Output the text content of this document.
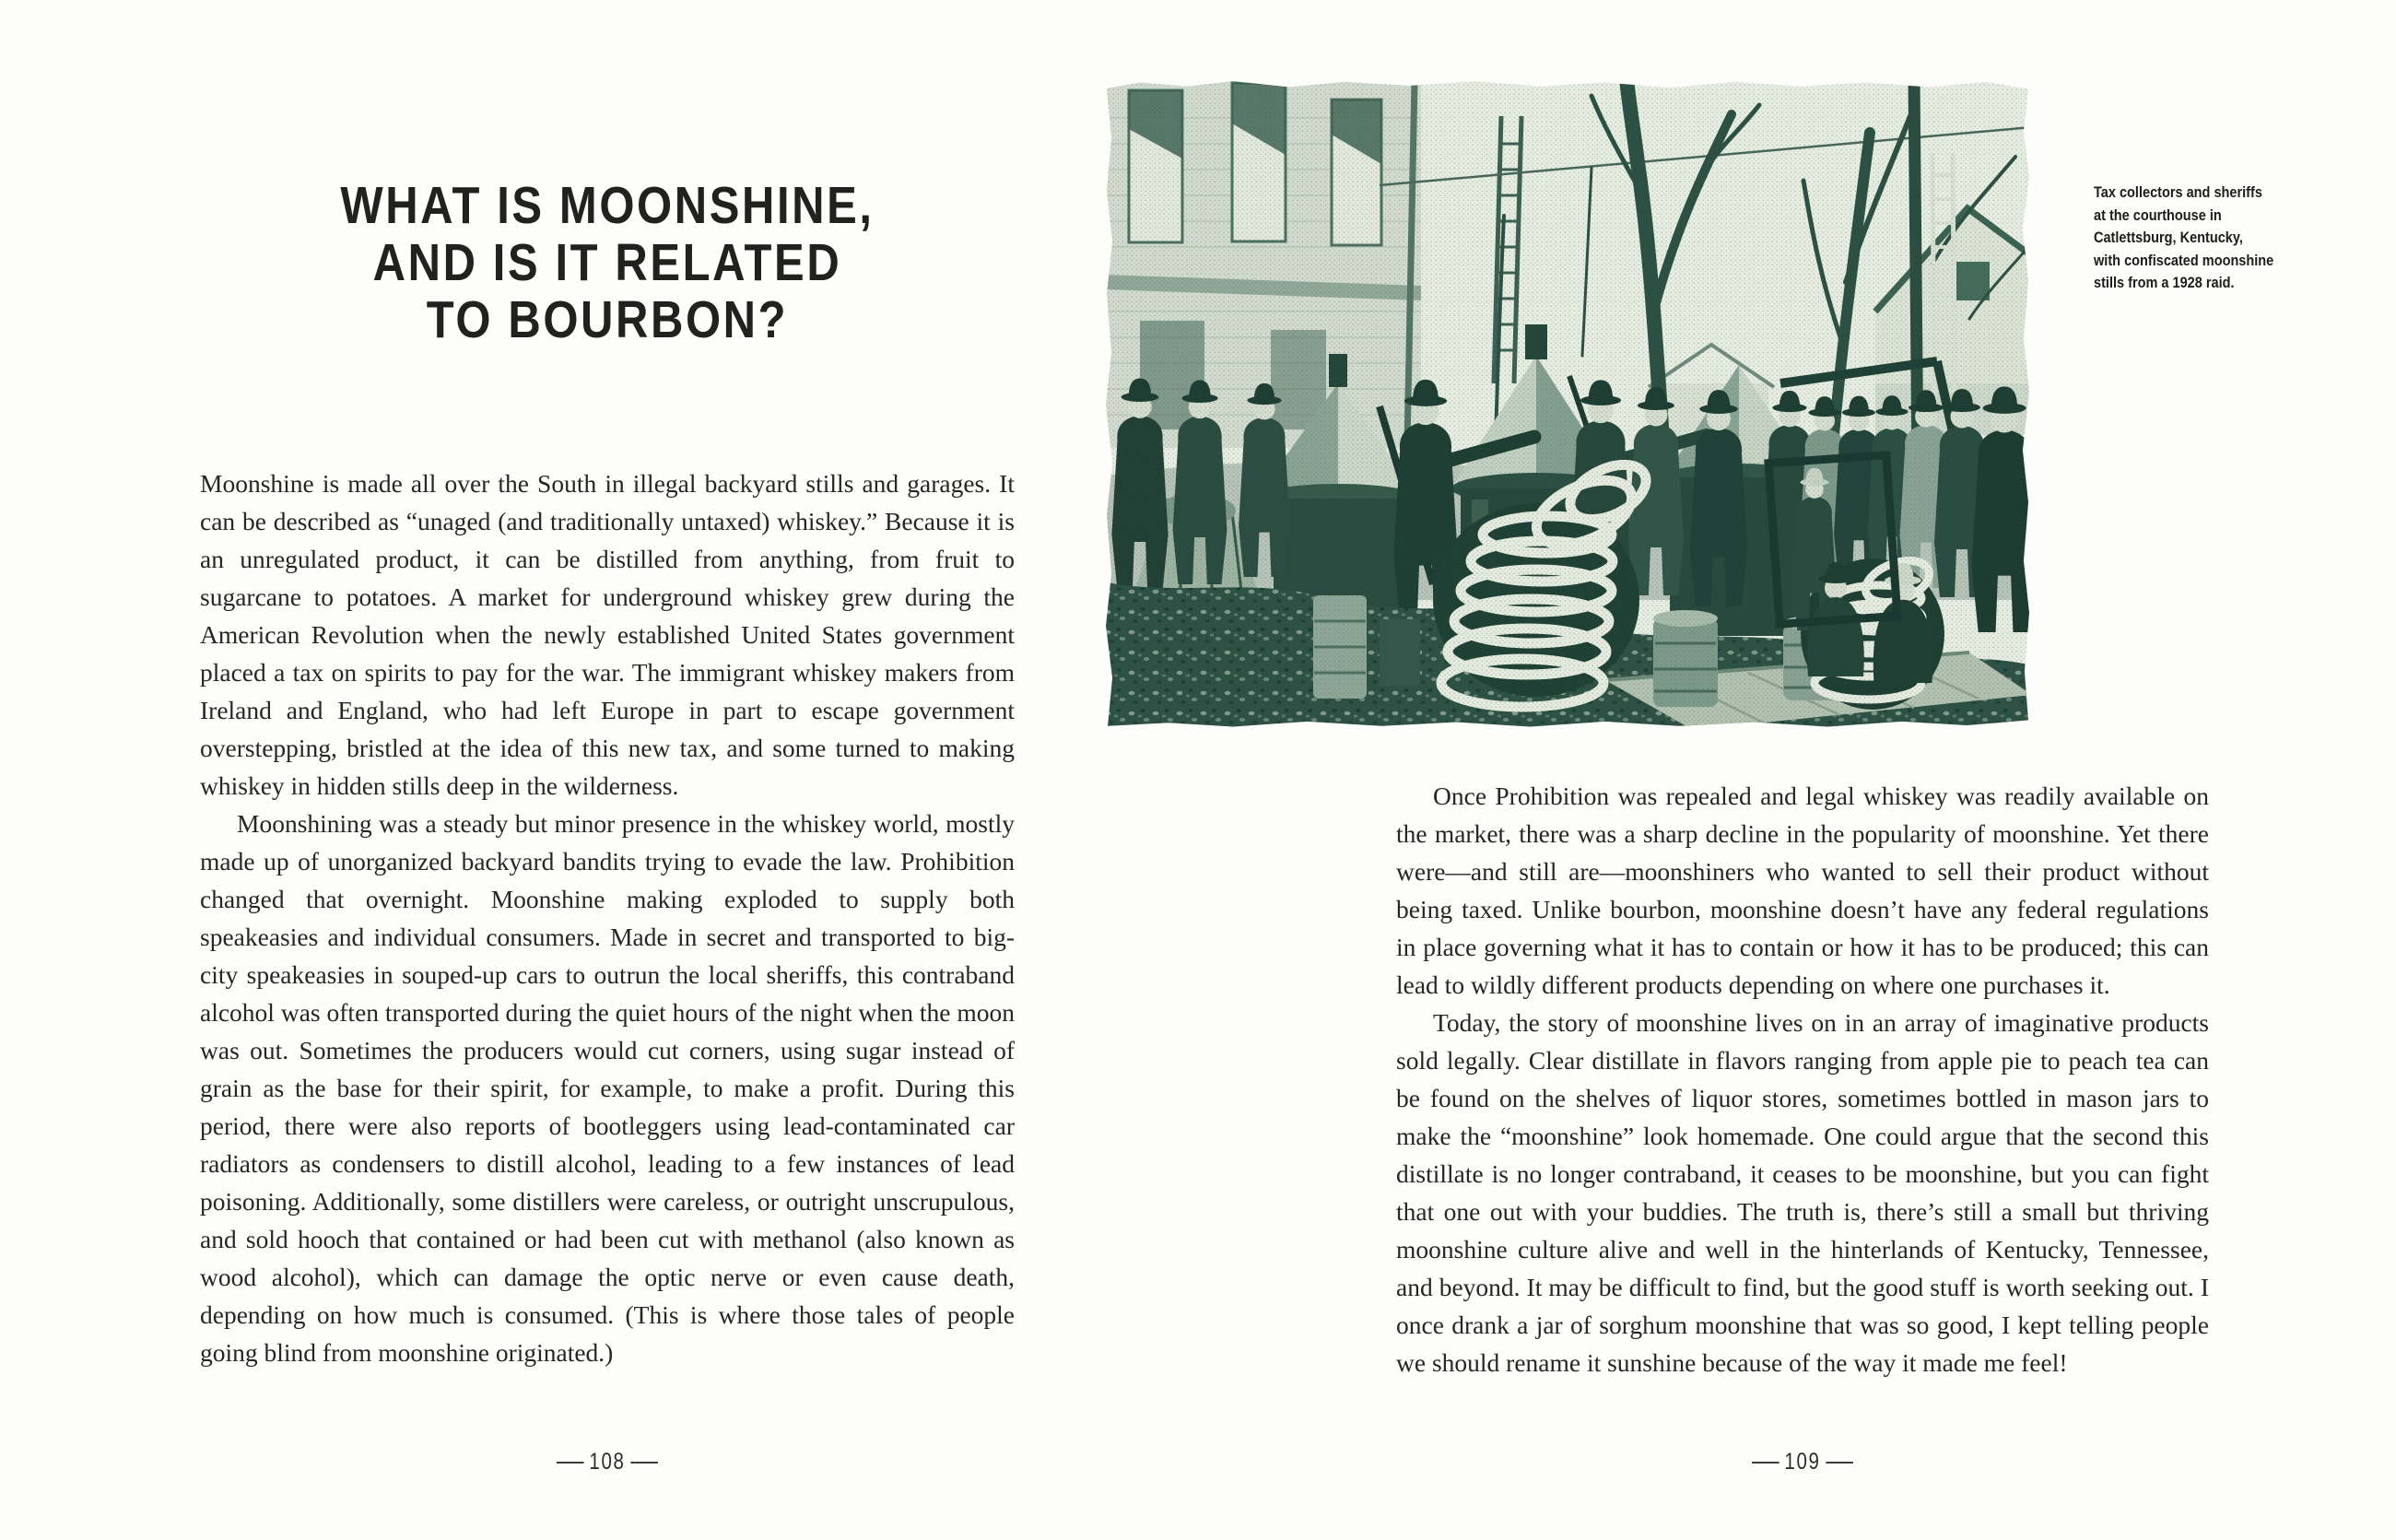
WHAT IS MOONSHINE,
AND IS IT RELATED
TO BOURBON?

Moonshine is made all over the South in illegal backyard stills and garages. It can be described as “unaged (and traditionally untaxed) whiskey.” Because it is an unregulated product, it can be distilled from anything, from fruit to sugarcane to potatoes. A market for underground whiskey grew during the American Revolution when the newly established United States government placed a tax on spirits to pay for the war. The immigrant whiskey makers from Ireland and England, who had left Europe in part to escape government overstepping, bristled at the idea of this new tax, and some turned to making whiskey in hidden stills deep in the wilderness.

Moonshining was a steady but minor presence in the whiskey world, mostly made up of unorganized backyard bandits trying to evade the law. Prohibition changed that overnight. Moonshine making exploded to supply both speakeasies and individual consumers. Made in secret and transported to big-city speakeasies in souped-up cars to outrun the local sheriffs, this contraband alcohol was often transported during the quiet hours of the night when the moon was out. Sometimes the producers would cut corners, using sugar instead of grain as the base for their spirit, for example, to make a profit. During this period, there were also reports of bootleggers using lead-contaminated car radiators as condensers to distill alcohol, leading to a few instances of lead poisoning. Additionally, some distillers were careless, or outright unscrupulous, and sold hooch that contained or had been cut with methanol (also known as wood alcohol), which can damage the optic nerve or even cause death, depending on how much is consumed. (This is where those tales of people going blind from moonshine originated.)

108
Tax collectors and sheriffs
at the courthouse in
Catlettsburg, Kentucky,
with confiscated moonshine
stills from a 1928 raid.

Once Prohibition was repealed and legal whiskey was readily available on the market, there was a sharp decline in the popularity of moonshine. Yet there were—and still are—moonshiners who wanted to sell their product without being taxed. Unlike bourbon, moonshine doesn’t have any federal regulations in place governing what it has to contain or how it has to be produced; this can lead to wildly different products depending on where one purchases it.

Today, the story of moonshine lives on in an array of imaginative products sold legally. Clear distillate in flavors ranging from apple pie to peach tea can be found on the shelves of liquor stores, sometimes bottled in mason jars to make the “moonshine” look homemade. One could argue that the second this distillate is no longer contraband, it ceases to be moonshine, but you can fight that one out with your buddies. The truth is, there’s still a small but thriving moonshine culture alive and well in the hinterlands of Kentucky, Tennessee, and beyond. It may be difficult to find, but the good stuff is worth seeking out. I once drank a jar of sorghum moonshine that was so good, I kept telling people we should rename it sunshine because of the way it made me feel!

109
